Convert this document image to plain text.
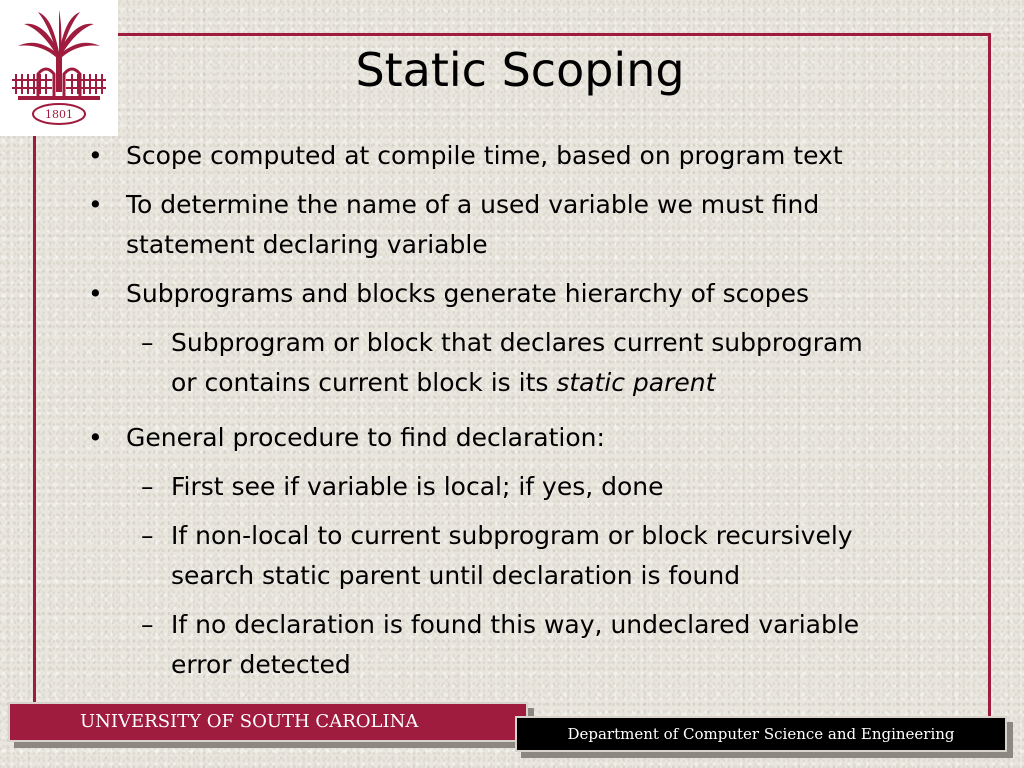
1801
Static Scoping
• Scope computed at compile time, based on program text
• To determine the name of a used variable we must find
statement declaring variable
• Subprograms and blocks generate hierarchy of scopes
– Subprogram or block that declares current subprogram
or contains current block is its static parent
• General procedure to find declaration:
– First see if variable is local; if yes, done
– If non-local to current subprogram or block recursively
search static parent until declaration is found
– If no declaration is found this way, undeclared variable
error detected
UNIVERSITY OF SOUTH CAROLINA
Department of Computer Science and Engineering
